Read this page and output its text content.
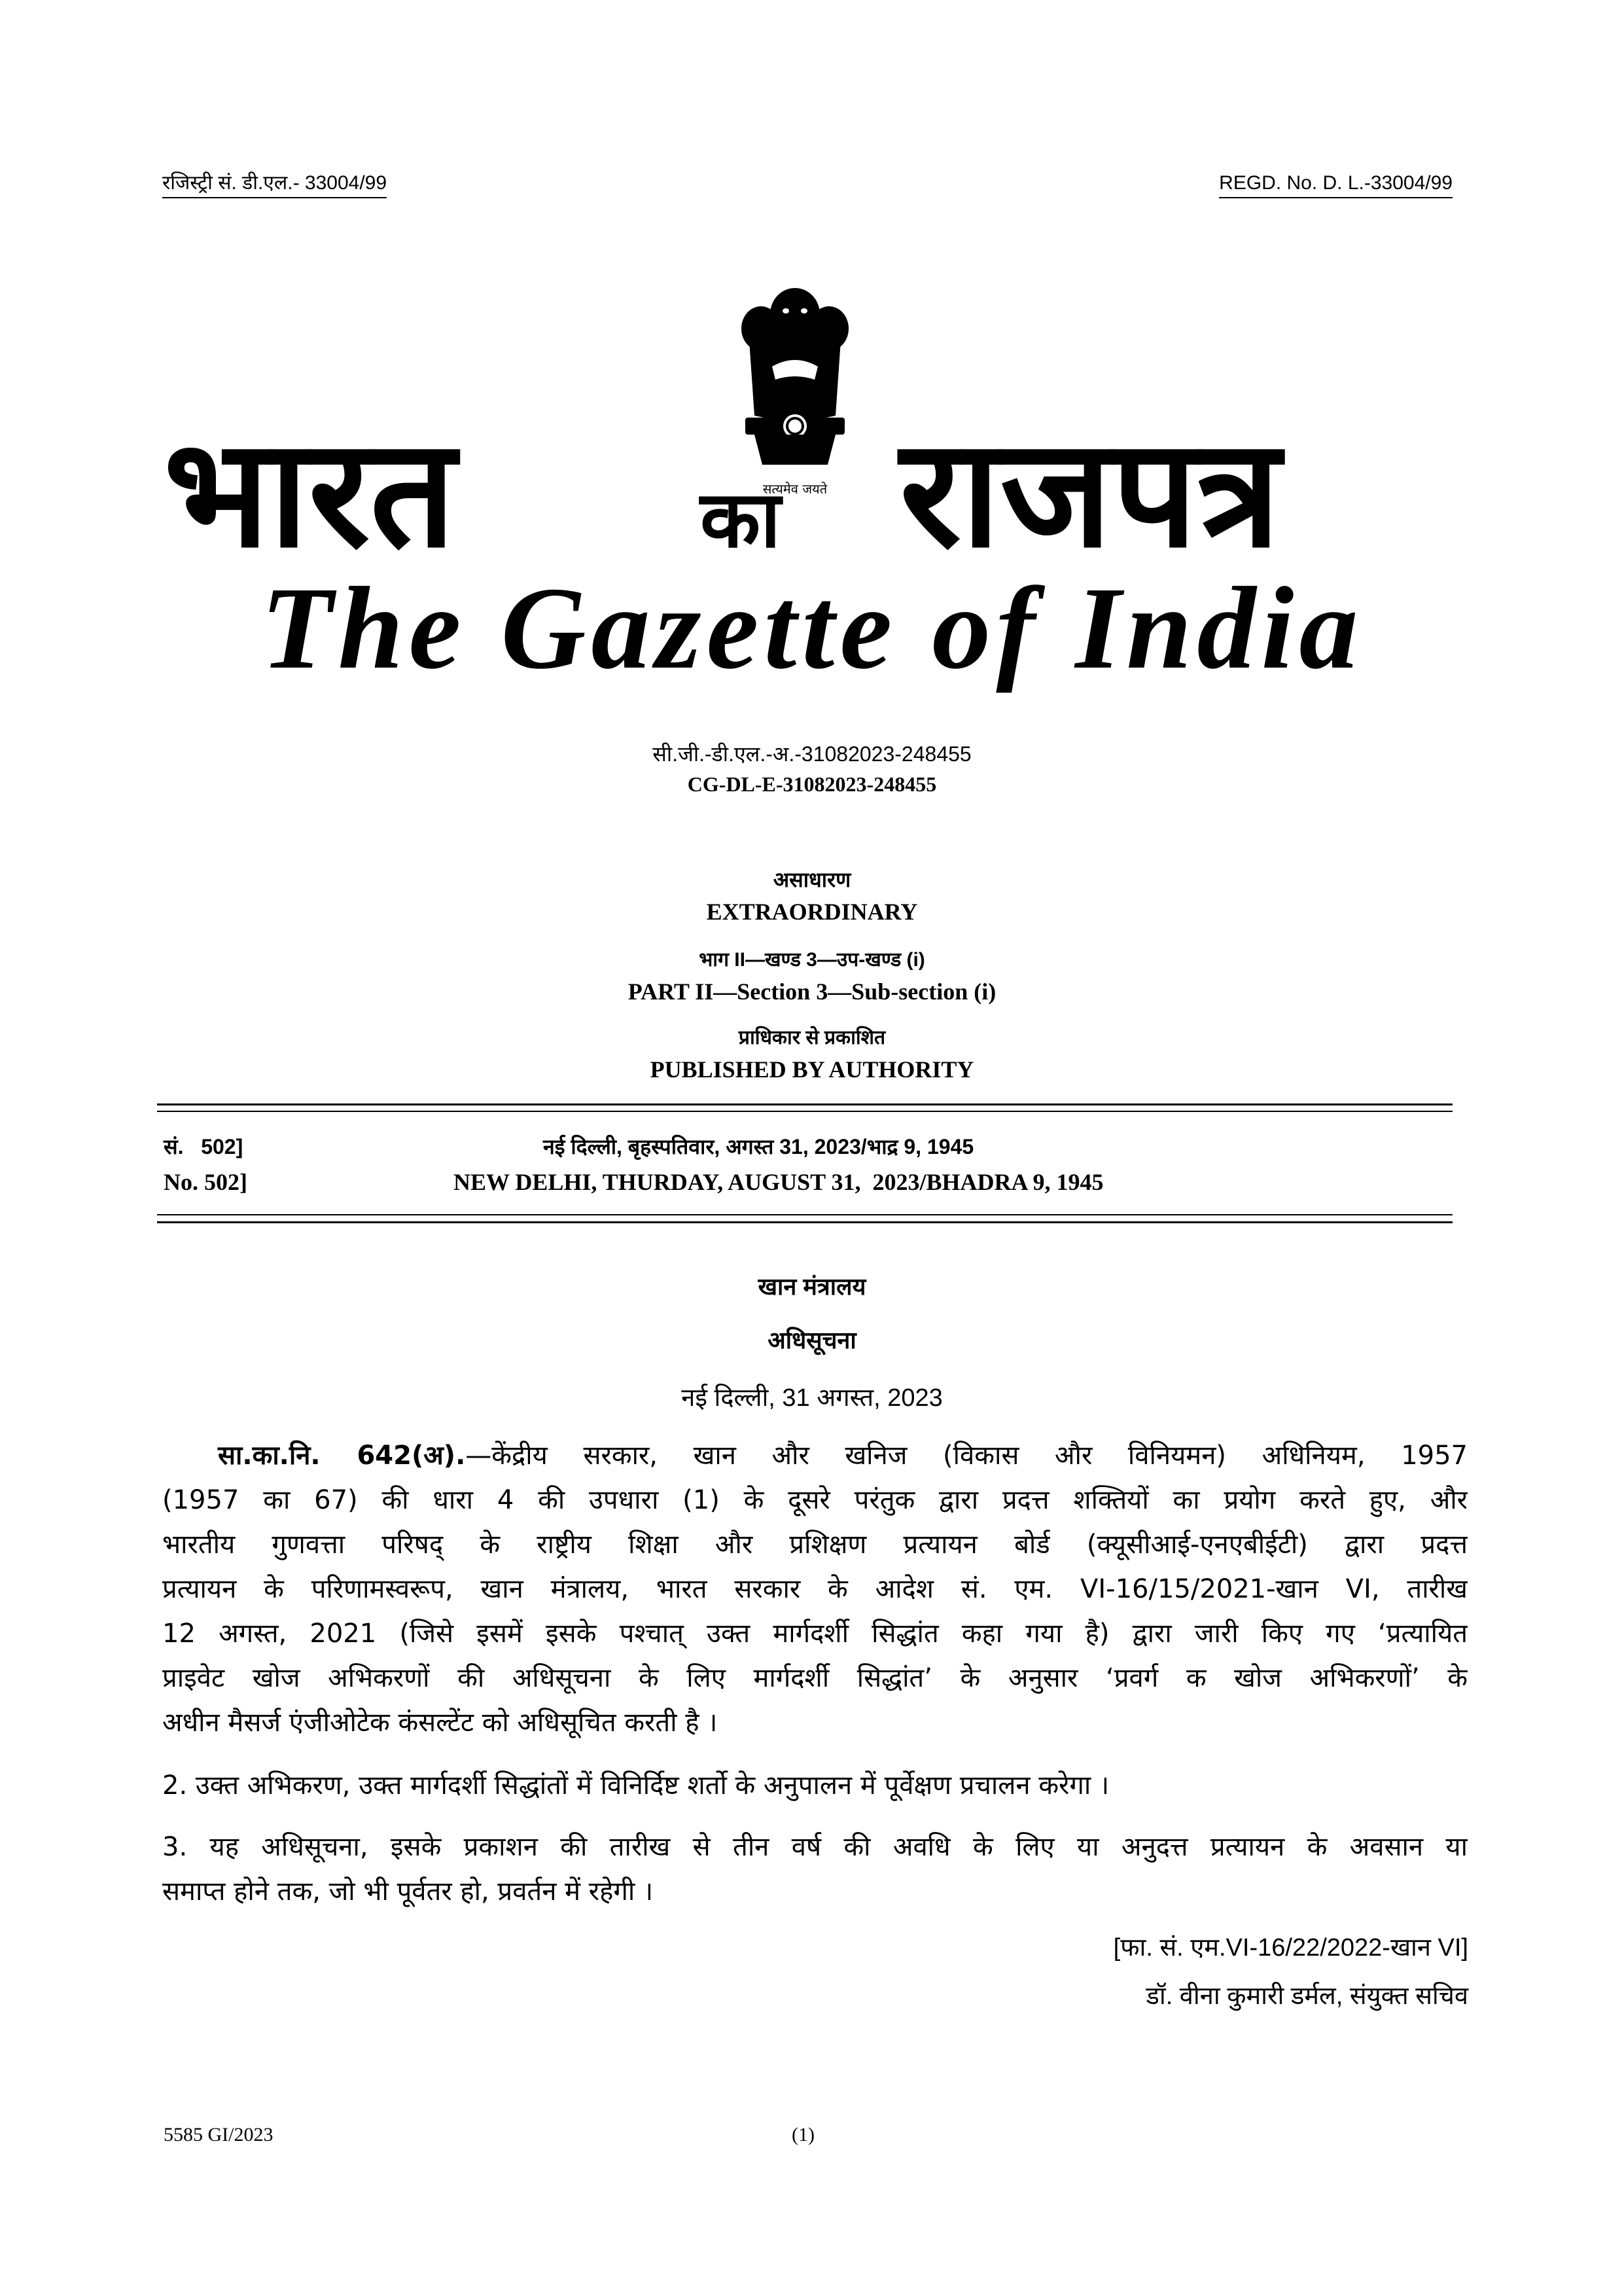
रजिस्ट्री सं. डी.एल.- 33004/99	REGD. No. D. L.-33004/99
भारत	का राजपत्र
सत्यमेव जयते
The Gazette of India
सी.जी.-डी.एल.-अ.-31082023-248455
CG-DL-E-31082023-248455
असाधारण
EXTRAORDINARY
भाग II—खण्ड 3—उप-खण्ड (i)
PART II—Section 3—Sub-section (i)
प्राधिकार से प्रकाशित
PUBLISHED BY AUTHORITY
सं.   502]	नई दिल्ली, बृहस्पतिवार, अगस्त 31, 2023/भाद्र 9, 1945
No. 502]	NEW DELHI, THURDAY, AUGUST 31,  2023/BHADRA 9, 1945
खान मंत्रालय
अधिसूचना
नई दिल्ली, 31 अगस्त, 2023
सा.का.नि. 642(अ).—केंद्रीय सरकार, खान और खनिज (विकास और विनियमन) अधिनियम, 1957
(1957 का 67) की धारा 4 की उपधारा (1) के दूसरे परंतुक द्वारा प्रदत्त शक्तियों का प्रयोग करते हुए, और
भारतीय गुणवत्ता परिषद् के राष्ट्रीय शिक्षा और प्रशिक्षण प्रत्यायन बोर्ड (क्यूसीआई-एनएबीईटी) द्वारा प्रदत्त
प्रत्यायन के परिणामस्वरूप, खान मंत्रालय, भारत सरकार के आदेश सं. एम. VI-16/15/2021-खान VI, तारीख
12 अगस्त, 2021 (जिसे इसमें इसके पश्चात् उक्त मार्गदर्शी सिद्धांत कहा गया है) द्वारा जारी किए गए ‘प्रत्यायित
प्राइवेट खोज अभिकरणों की अधिसूचना के लिए मार्गदर्शी सिद्धांत’ के अनुसार ‘प्रवर्ग क खोज अभिकरणों’ के
अधीन मैसर्ज एंजीओटेक कंसल्टेंट को अधिसूचित करती है ।
2. उक्त अभिकरण, उक्त मार्गदर्शी सिद्धांतों में विनिर्दिष्ट शर्तो के अनुपालन में पूर्वेक्षण प्रचालन करेगा ।
3. यह अधिसूचना, इसके प्रकाशन की तारीख से तीन वर्ष की अवधि के लिए या अनुदत्त प्रत्यायन के अवसान या
समाप्त होने तक, जो भी पूर्वतर हो, प्रवर्तन में रहेगी ।
[फा. सं. एम.VI-16/22/2022-खान VI]
डॉ. वीना कुमारी डर्मल, संयुक्त सचिव
5585 GI/2023	(1)
